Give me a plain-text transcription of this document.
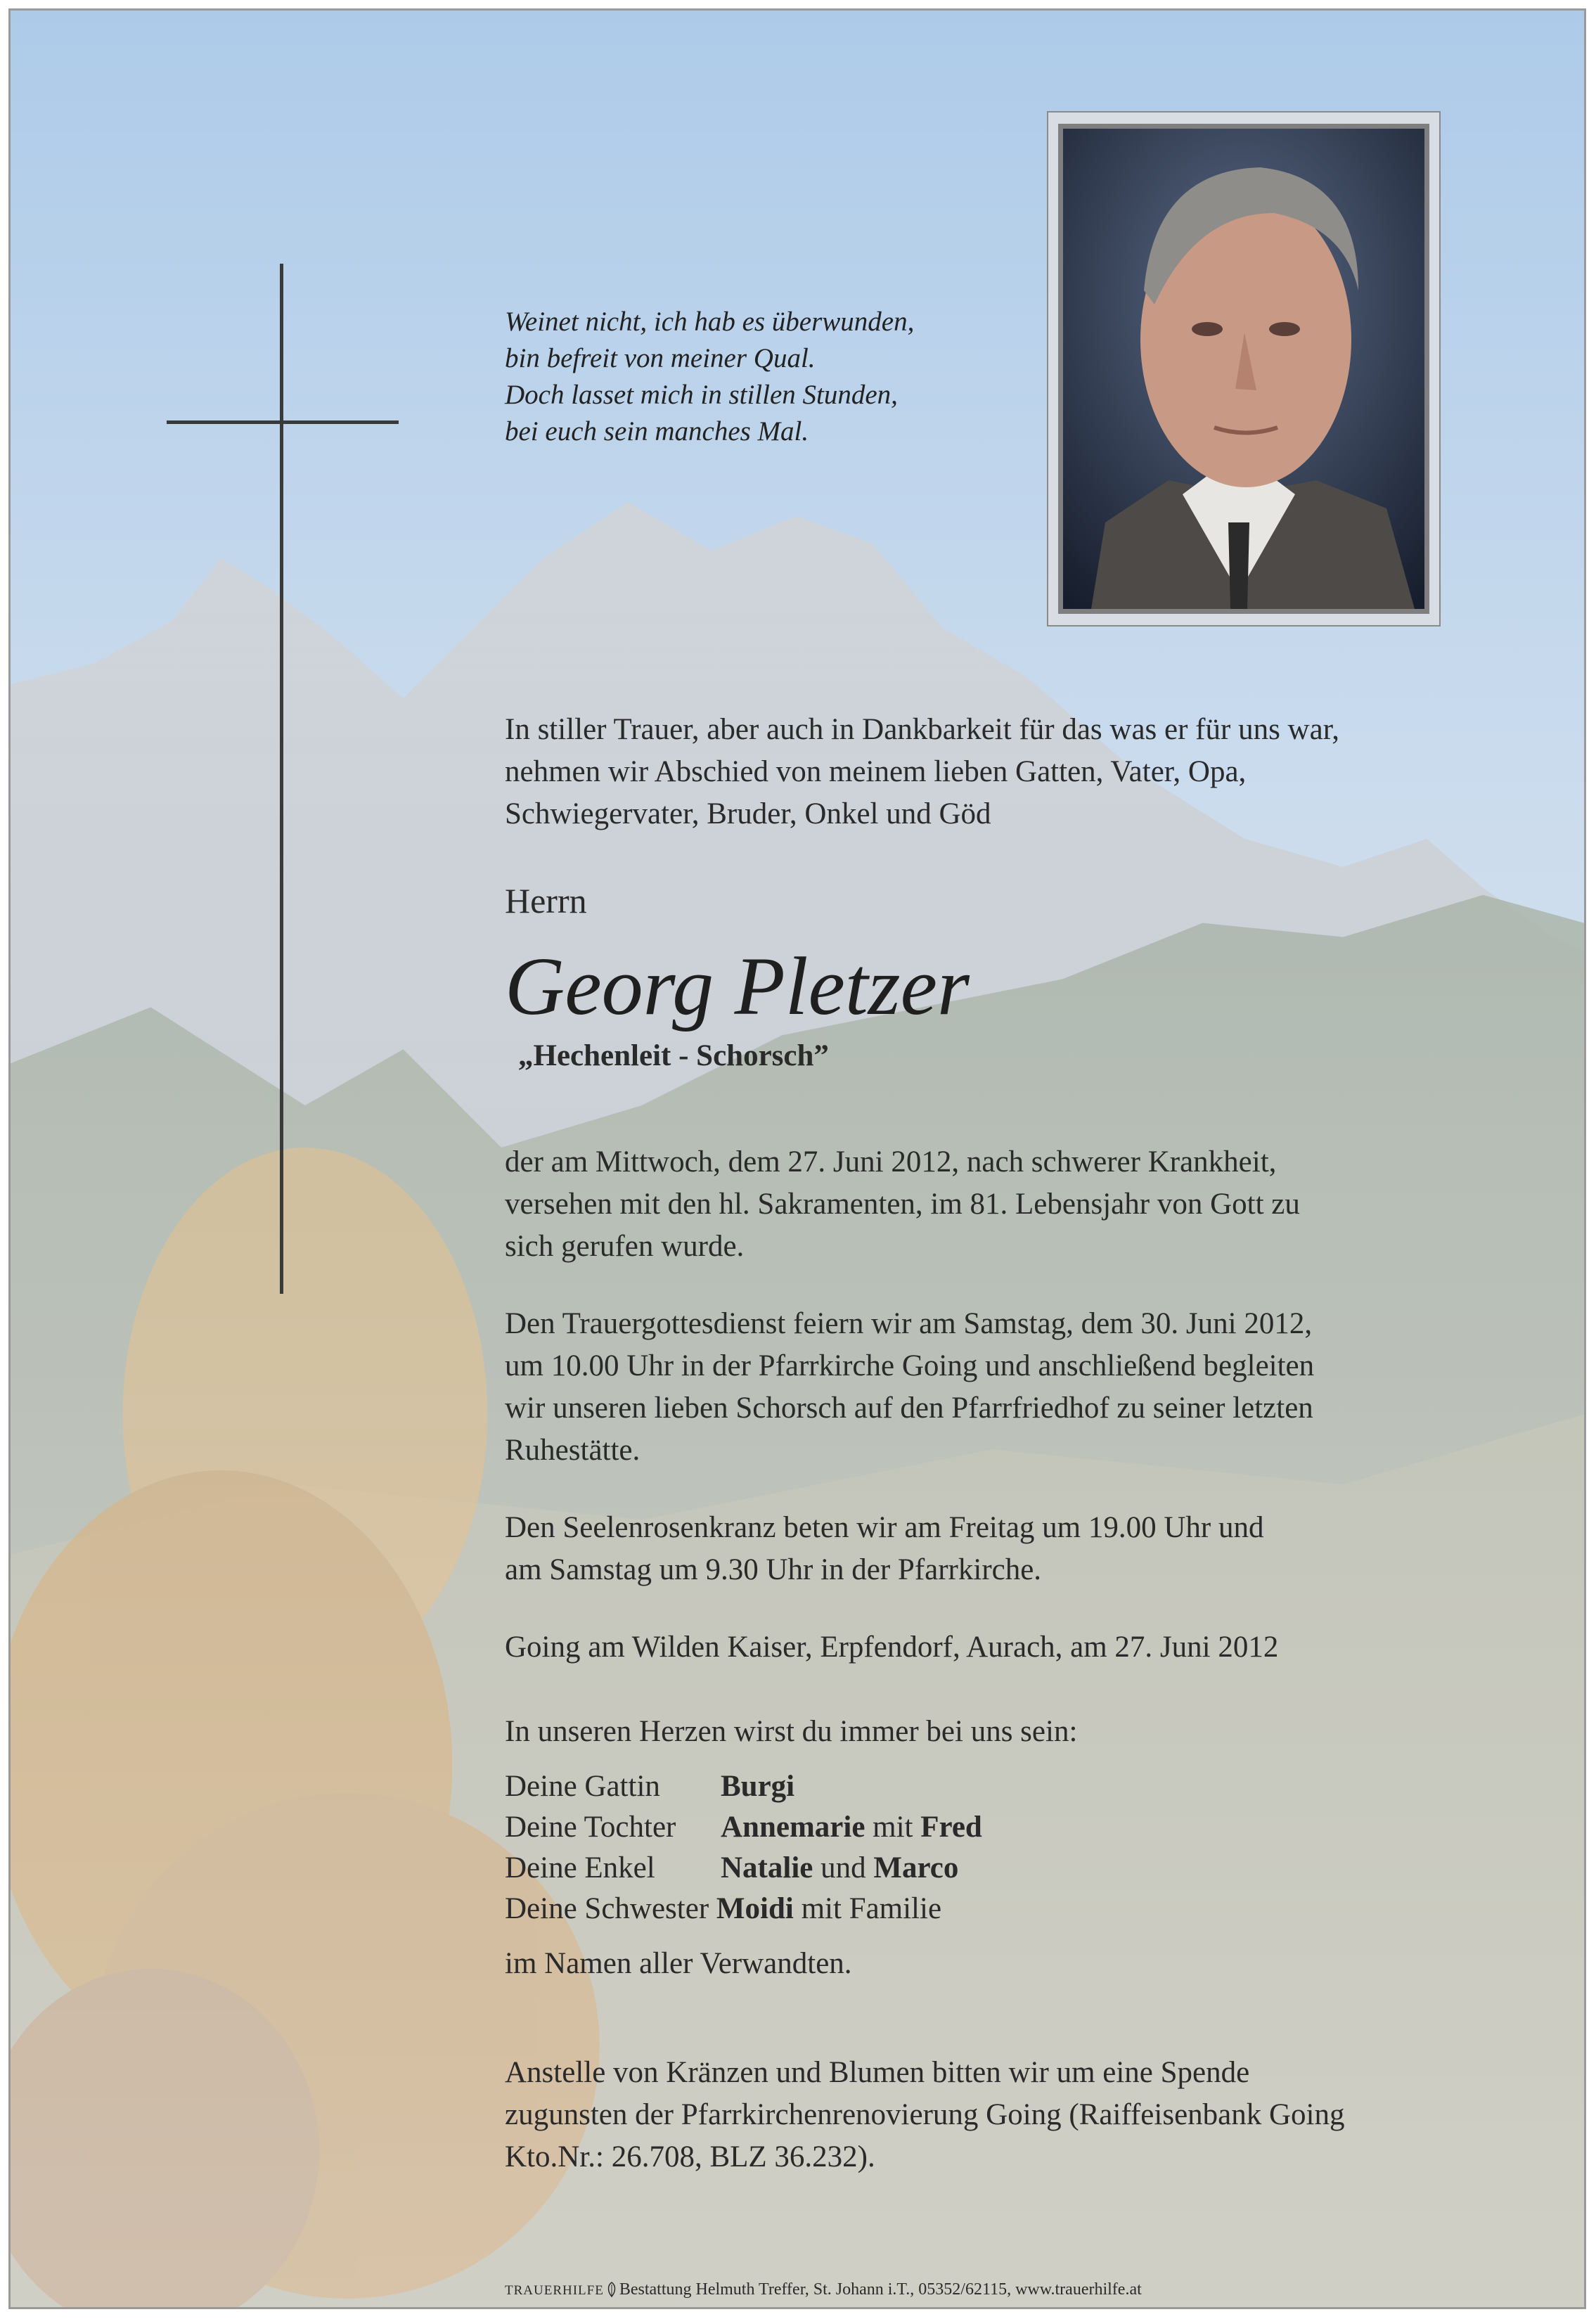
Weinet nicht, ich hab es überwunden,
bin befreit von meiner Qual.
Doch lasset mich in stillen Stunden,
bei euch sein manches Mal.
In stiller Trauer, aber auch in Dankbarkeit für das was er für uns war,
nehmen wir Abschied von meinem lieben Gatten, Vater, Opa,
Schwiegervater, Bruder, Onkel und Göd
Herrn
Georg Pletzer
„Hechenleit - Schorsch”
der am Mittwoch, dem 27. Juni 2012, nach schwerer Krankheit,
versehen mit den hl. Sakramenten, im 81. Lebensjahr von Gott zu
sich gerufen wurde.
Den Trauergottesdienst feiern wir am Samstag, dem 30. Juni 2012,
um 10.00 Uhr in der Pfarrkirche Going und anschließend begleiten
wir unseren lieben Schorsch auf den Pfarrfriedhof zu seiner letzten
Ruhestätte.
Den Seelenrosenkranz beten wir am Freitag um 19.00 Uhr und
am Samstag um 9.30 Uhr in der Pfarrkirche.
Going am Wilden Kaiser, Erpfendorf, Aurach, am 27. Juni 2012
In unseren Herzen wirst du immer bei uns sein:
Deine Gattin Burgi
Deine Tochter Annemarie mit Fred
Deine Enkel Natalie und Marco
Deine Schwester Moidi mit Familie
im Namen aller Verwandten.
Anstelle von Kränzen und Blumen bitten wir um eine Spende
zugunsten der Pfarrkirchenrenovierung Going (Raiffeisenbank Going
Kto.Nr.: 26.708, BLZ 36.232).
TRAUERHILFE Bestattung Helmuth Treffer, St. Johann i.T., 05352/62115, www.trauerhilfe.at
